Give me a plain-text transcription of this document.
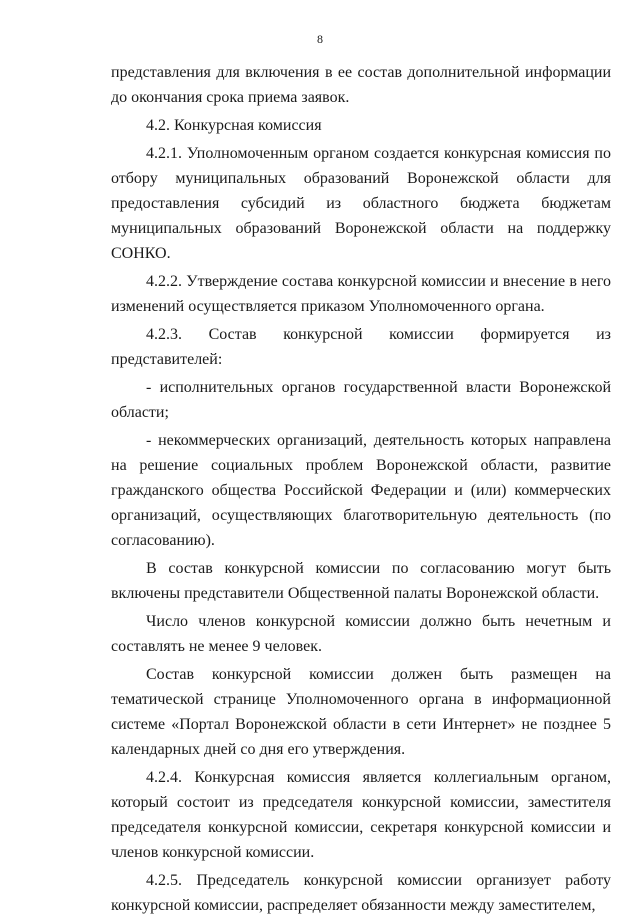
8

представления для включения в ее состав дополнительной информации до окончания срока приема заявок.

4.2. Конкурсная комиссия

4.2.1. Уполномоченным органом создается конкурсная комиссия по отбору муниципальных образований Воронежской области для предоставления субсидий из областного бюджета бюджетам муниципальных образований Воронежской области на поддержку СОНКО.

4.2.2. Утверждение состава конкурсной комиссии и внесение в него изменений осуществляется приказом Уполномоченного органа.

4.2.3. Состав конкурсной комиссии формируется из представителей:

- исполнительных органов государственной власти Воронежской области;

- некоммерческих организаций, деятельность которых направлена на решение социальных проблем Воронежской области, развитие гражданского общества Российской Федерации и (или) коммерческих организаций, осуществляющих благотворительную деятельность (по согласованию).

В состав конкурсной комиссии по согласованию могут быть включены представители Общественной палаты Воронежской области.

Число членов конкурсной комиссии должно быть нечетным и составлять не менее 9 человек.

Состав конкурсной комиссии должен быть размещен на тематической странице Уполномоченного органа в информационной системе «Портал Воронежской области в сети Интернет» не позднее 5 календарных дней со дня его утверждения.

4.2.4. Конкурсная комиссия является коллегиальным органом, который состоит из председателя конкурсной комиссии, заместителя председателя конкурсной комиссии, секретаря конкурсной комиссии и членов конкурсной комиссии.

4.2.5. Председатель конкурсной комиссии организует работу конкурсной комиссии, распределяет обязанности между заместителем,
